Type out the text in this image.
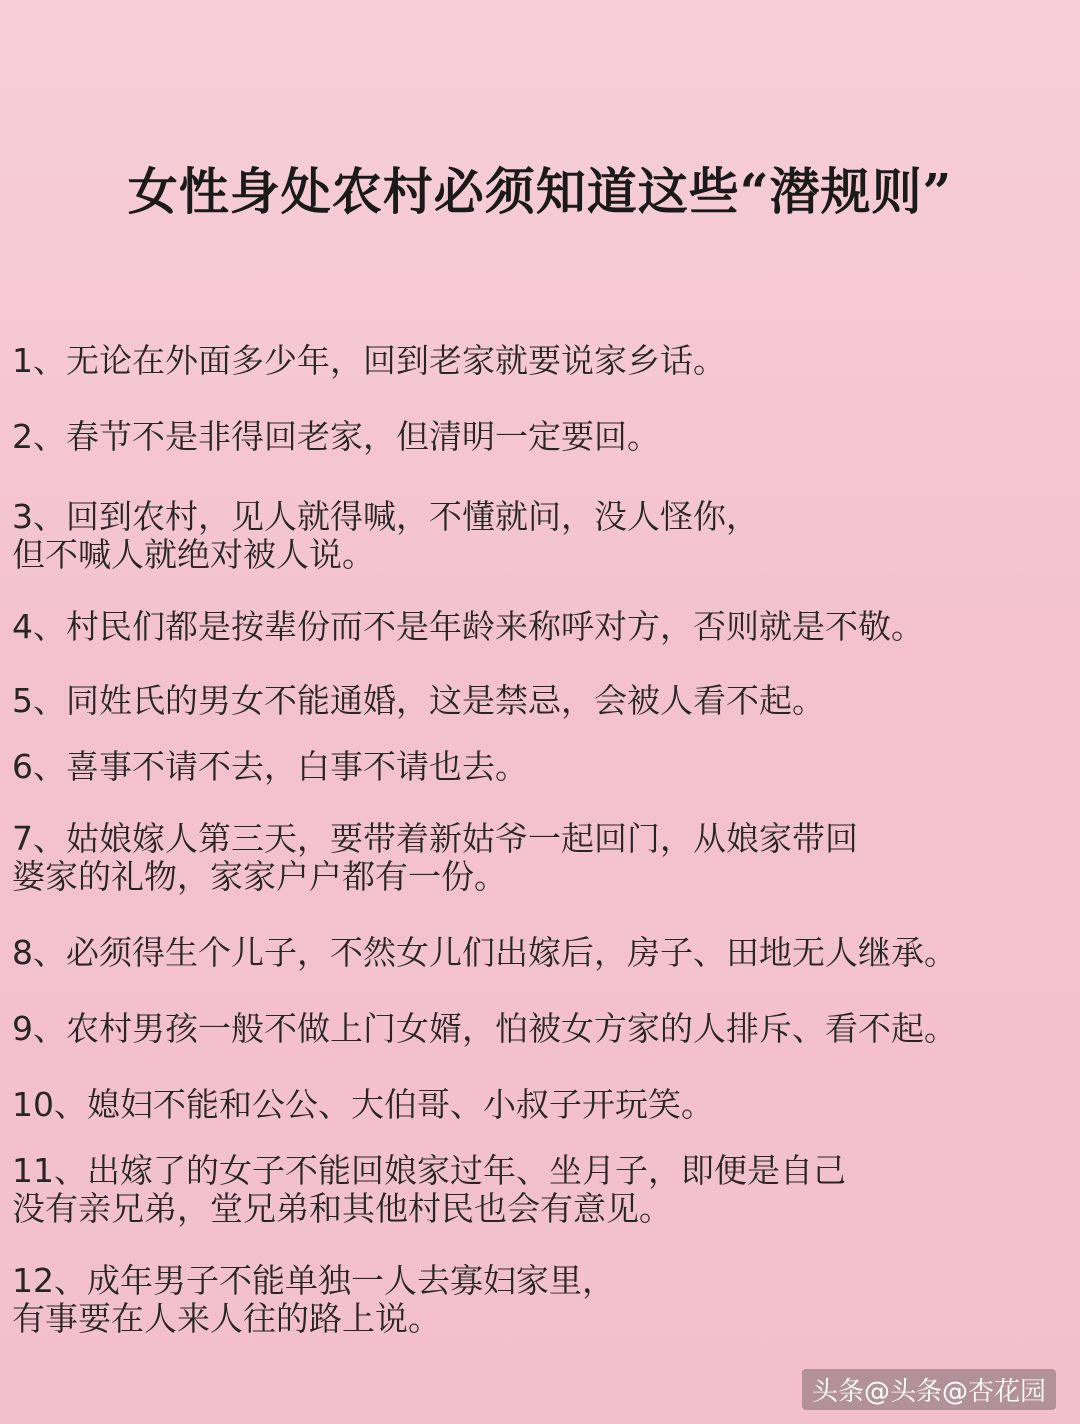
女性身处农村必须知道这些“潜规则”
1、无论在外面多少年，回到老家就要说家乡话。
2、春节不是非得回老家，但清明一定要回。
3、回到农村，见人就得喊，不懂就问，没人怪你，
但不喊人就绝对被人说。
4、村民们都是按辈份而不是年龄来称呼对方，否则就是不敬。
5、同姓氏的男女不能通婚，这是禁忌，会被人看不起。
6、喜事不请不去，白事不请也去。
7、姑娘嫁人第三天，要带着新姑爷一起回门，从娘家带回
婆家的礼物，家家户户都有一份。
8、必须得生个儿子，不然女儿们出嫁后，房子、田地无人继承。
9、农村男孩一般不做上门女婿，怕被女方家的人排斥、看不起。
10、媳妇不能和公公、大伯哥、小叔子开玩笑。
11、出嫁了的女子不能回娘家过年、坐月子，即便是自己
没有亲兄弟，堂兄弟和其他村民也会有意见。
12、成年男子不能单独一人去寡妇家里，
有事要在人来人往的路上说。
头条@头条@杏花园
